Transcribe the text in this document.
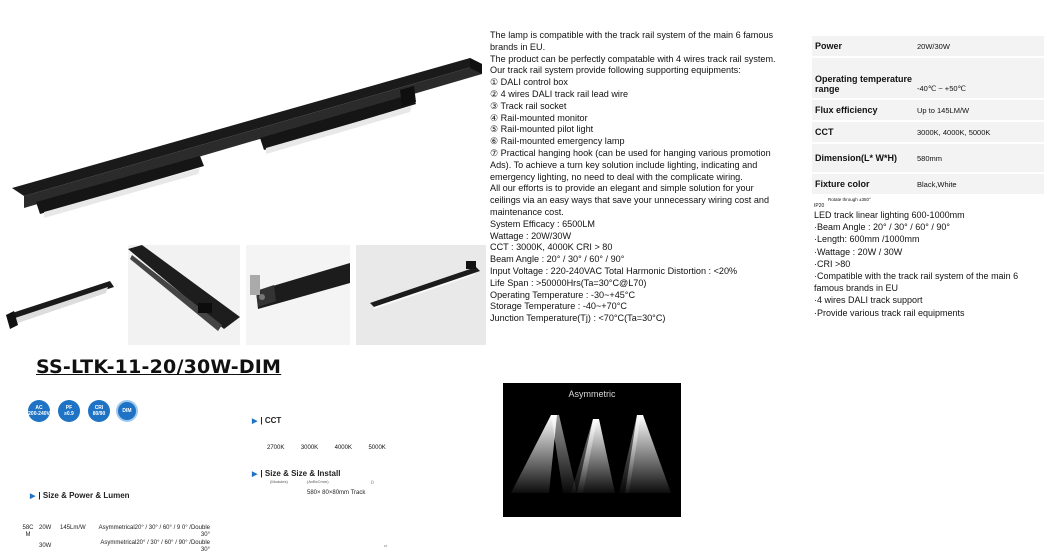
SS-LTK-11-20/30W-DIM
AC
200-240V
PF
≥0.9
CRI
80/90	DIM
▶ | CCT
2700K	3000K	4000K	5000K
▶ | Size & Size & Install
(Modules)	(AxBxCmm)	()
580× 80×80mm Track
▶ | Size & Power & Lumen
58C M
20W 145Lm/W	Asymmetrical20° / 30° / 60° / 9 0° /Double 30°
30W	Asymmetrical20° / 30° / 60° / 90° /Double 30°
⁵⁰
The lamp is compatible with the track rail system of the main 6 famous
brands in EU.
The product can be perfectly compatable with 4 wires track rail system.
Our track rail system provide following supporting equipments:
① DALI control box
② 4 wires DALI track rail lead wire
③ Track rail socket
④ Rail-mounted monitor
⑤ Rail-mounted pilot light
⑥ Rail-mounted emergency lamp
⑦ Practical hanging hook (can be used for hanging various promotion
Ads). To achieve a turn key solution include lighting, indicating and
emergency lighting, no need to deal with the complicate wiring.
All our efforts is to provide an elegant and simple solution for your
ceilings via an easy ways that save your unnecessary wiring cost and
maintenance cost.
System Efficacy : 6500LM
Wattage : 20W/30W
CCT : 3000K, 4000K CRI > 80
Beam Angle : 20° / 30° / 60° / 90°
Input Voltage : 220-240VAC Total Harmonic Distortion : <20%
Life Span : >50000Hrs(Ta=30°C@L70)
Operating Temperature : -30~+45°C
Storage Temperature : -40~+70°C
Junction Temperature(Tj) : <70°C(Ta=30°C)
Asymmetric
Power	20W/30W
Operating temperature range	-40℃ ~ +50℃
Flux efficiency	Up to 145LM/W
CCT	3000K, 4000K, 5000K
Dimension(L* W*H)	580mm
Fixture color	Black,White
Rotate through ±350°
IP20
LED track linear lighting 600-1000mm
·Beam Angle : 20° / 30° / 60° / 90°
·Length: 600mm /1000mm
·Wattage : 20W / 30W
·CRI >80
·Compatible with the track rail system of the main 6 famous brands in EU
·4 wires DALI track support
·Provide various track rail equipments
